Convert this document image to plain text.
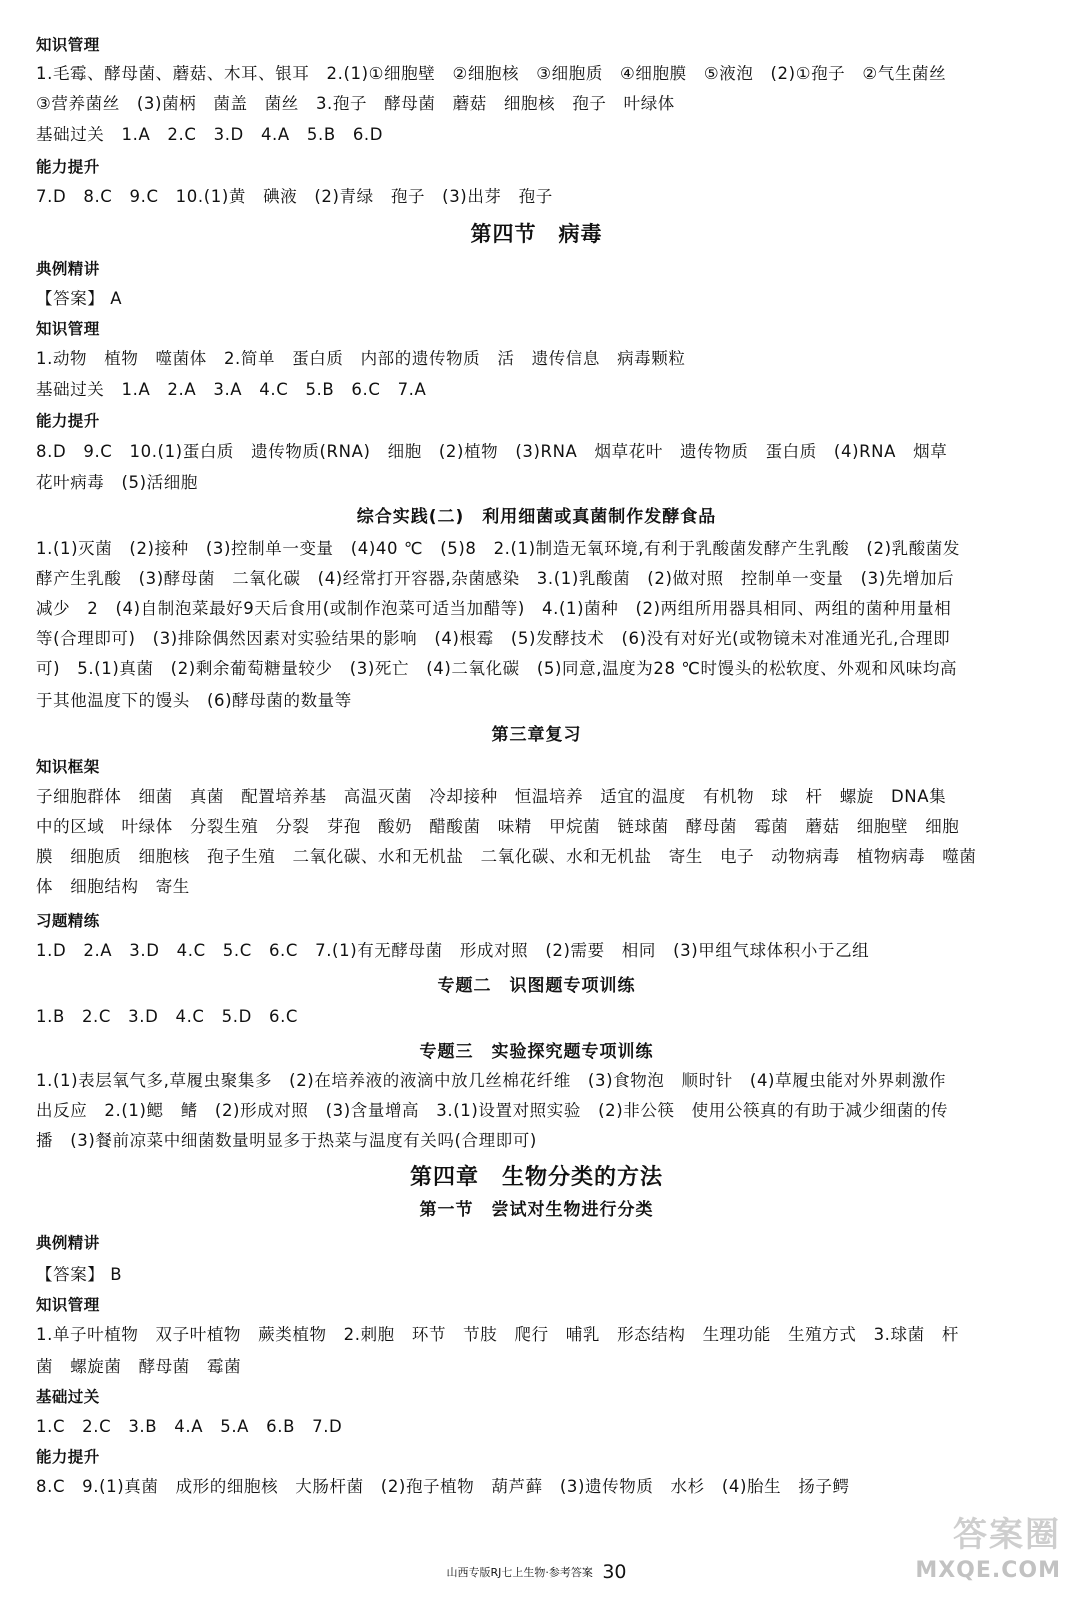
知识管理
1.毛霉、酵母菌、蘑菇、木耳、银耳　2.(1)①细胞壁　②细胞核　③细胞质　④细胞膜　⑤液泡　(2)①孢子　②气生菌丝
③营养菌丝　(3)菌柄　菌盖　菌丝　3.孢子　酵母菌　蘑菇　细胞核　孢子　叶绿体
基础过关　1.A　2.C　3.D　4.A　5.B　6.D
能力提升
7.D　8.C　9.C　10.(1)黄　碘液　(2)青绿　孢子　(3)出芽　孢子
第四节　病毒
典例精讲
【答案】 A
知识管理
1.动物　植物　噬菌体　2.简单　蛋白质　内部的遗传物质　活　遗传信息　病毒颗粒
基础过关　1.A　2.A　3.A　4.C　5.B　6.C　7.A
能力提升
8.D　9.C　10.(1)蛋白质　遗传物质(RNA)　细胞　(2)植物　(3)RNA　烟草花叶　遗传物质　蛋白质　(4)RNA　烟草
花叶病毒　(5)活细胞
综合实践(二)　利用细菌或真菌制作发酵食品
1.(1)灭菌　(2)接种　(3)控制单一变量　(4)40 ℃　(5)8　2.(1)制造无氧环境,有利于乳酸菌发酵产生乳酸　(2)乳酸菌发
酵产生乳酸　(3)酵母菌　二氧化碳　(4)经常打开容器,杂菌感染　3.(1)乳酸菌　(2)做对照　控制单一变量　(3)先增加后
减少　2　(4)自制泡菜最好9天后食用(或制作泡菜可适当加醋等)　4.(1)菌种　(2)两组所用器具相同、两组的菌种用量相
等(合理即可)　(3)排除偶然因素对实验结果的影响　(4)根霉　(5)发酵技术　(6)没有对好光(或物镜未对准通光孔,合理即
可)　5.(1)真菌　(2)剩余葡萄糖量较少　(3)死亡　(4)二氧化碳　(5)同意,温度为28 ℃时馒头的松软度、外观和风味均高
于其他温度下的馒头　(6)酵母菌的数量等
第三章复习
知识框架
子细胞群体　细菌　真菌　配置培养基　高温灭菌　冷却接种　恒温培养　适宜的温度　有机物　球　杆　螺旋　DNA集
中的区域　叶绿体　分裂生殖　分裂　芽孢　酸奶　醋酸菌　味精　甲烷菌　链球菌　酵母菌　霉菌　蘑菇　细胞壁　细胞
膜　细胞质　细胞核　孢子生殖　二氧化碳、水和无机盐　二氧化碳、水和无机盐　寄生　电子　动物病毒　植物病毒　噬菌
体　细胞结构　寄生
习题精练
1.D　2.A　3.D　4.C　5.C　6.C　7.(1)有无酵母菌　形成对照　(2)需要　相同　(3)甲组气球体积小于乙组
专题二　识图题专项训练
1.B　2.C　3.D　4.C　5.D　6.C
专题三　实验探究题专项训练
1.(1)表层氧气多,草履虫聚集多　(2)在培养液的液滴中放几丝棉花纤维　(3)食物泡　顺时针　(4)草履虫能对外界刺激作
出反应　2.(1)鳃　鳍　(2)形成对照　(3)含量增高　3.(1)设置对照实验　(2)非公筷　使用公筷真的有助于减少细菌的传
播　(3)餐前凉菜中细菌数量明显多于热菜与温度有关吗(合理即可)
第四章　生物分类的方法
第一节　尝试对生物进行分类
典例精讲
【答案】 B
知识管理
1.单子叶植物　双子叶植物　蕨类植物　2.刺胞　环节　节肢　爬行　哺乳　形态结构　生理功能　生殖方式　3.球菌　杆
菌　螺旋菌　酵母菌　霉菌
基础过关
1.C　2.C　3.B　4.A　5.A　6.B　7.D
能力提升
8.C　9.(1)真菌　成形的细胞核　大肠杆菌　(2)孢子植物　葫芦藓　(3)遗传物质　水杉　(4)胎生　扬子鳄
山西专版RJ七上生物·参考答案 30
答案圈
MXQE.COM
